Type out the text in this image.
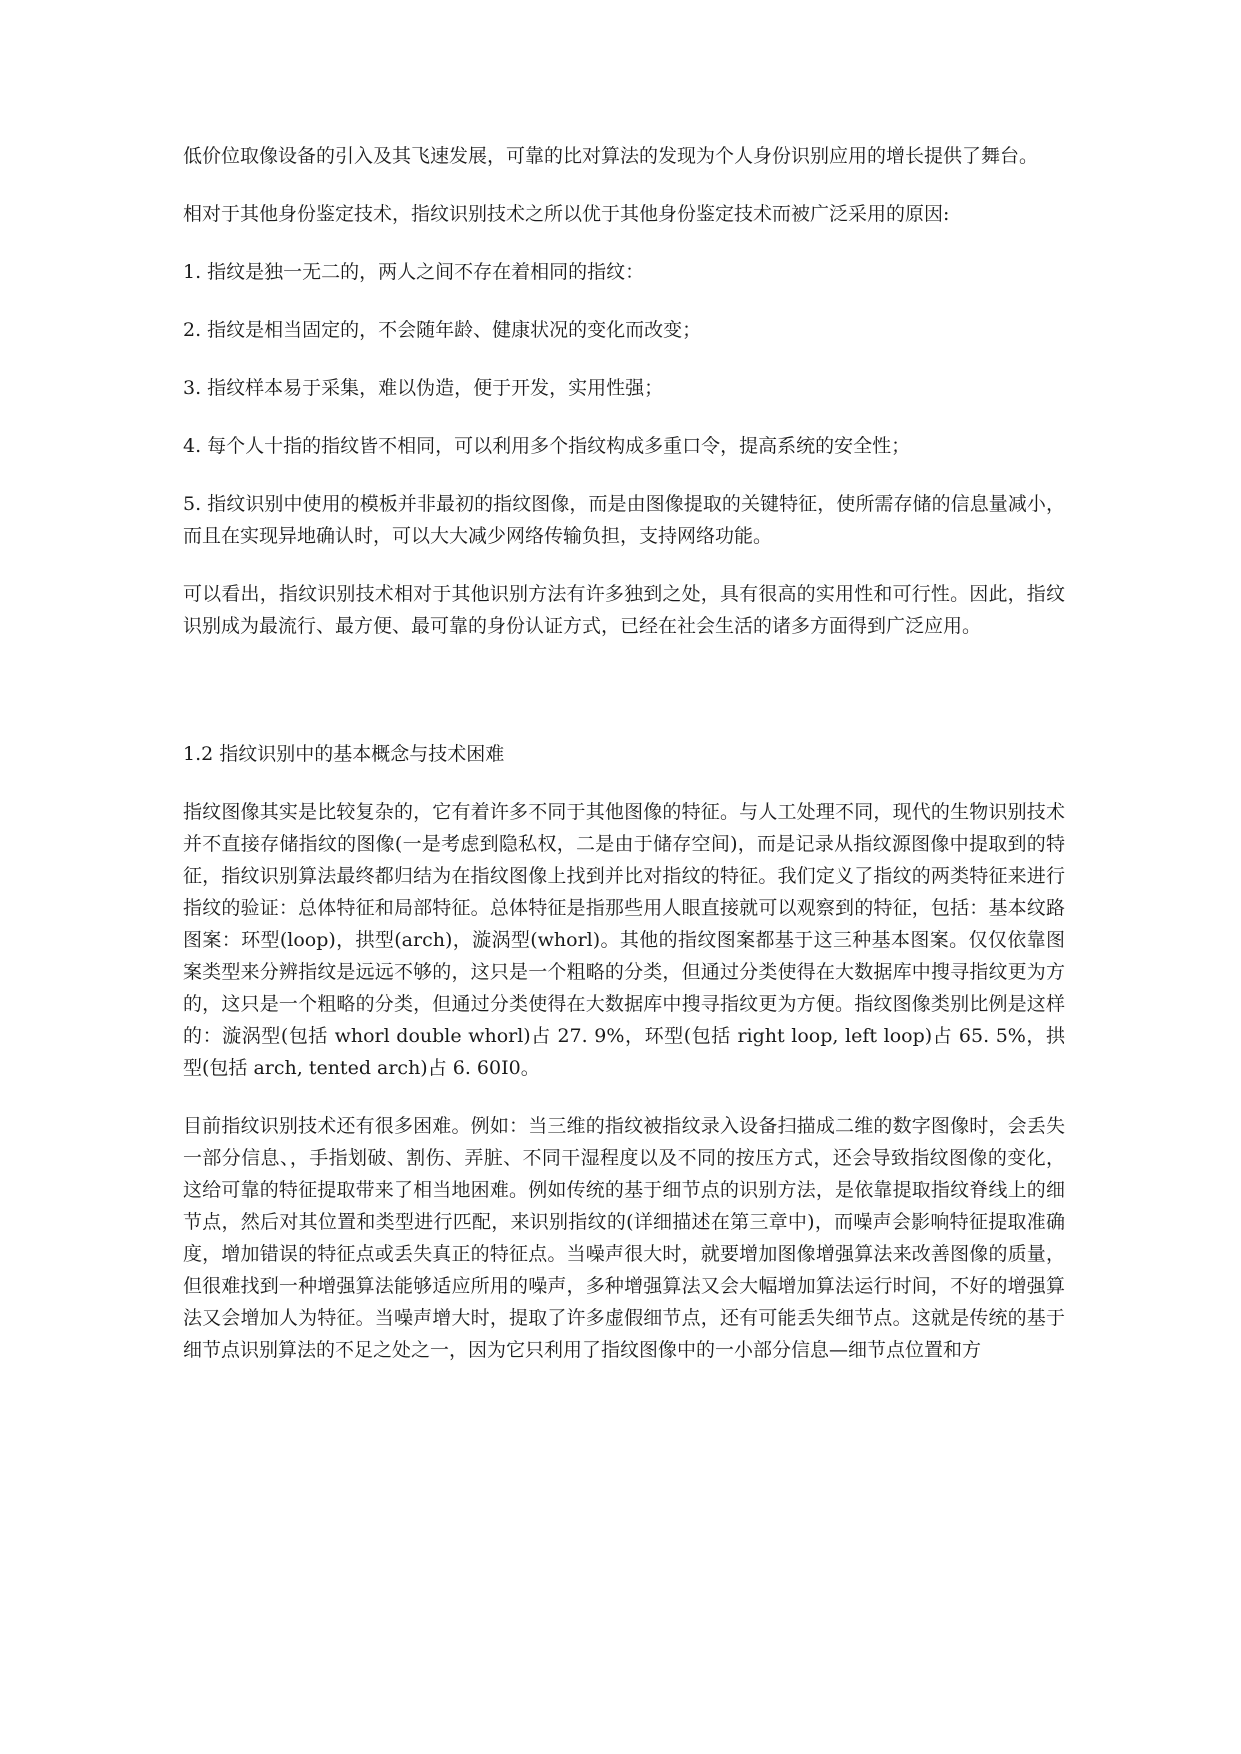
低价位取像设备的引入及其飞速发展，可靠的比对算法的发现为个人身份识别应用的增长提供了舞台。

相对于其他身份鉴定技术，指纹识别技术之所以优于其他身份鉴定技术而被广泛采用的原因:

1. 指纹是独一无二的，两人之间不存在着相同的指纹：

2. 指纹是相当固定的，不会随年龄、健康状况的变化而改变；

3. 指纹样本易于采集，难以伪造，便于开发，实用性强；

4. 每个人十指的指纹皆不相同，可以利用多个指纹构成多重口令，提高系统的安全性；

5. 指纹识别中使用的模板并非最初的指纹图像，而是由图像提取的关键特征，使所需存储的信息量减小，而且在实现异地确认时，可以大大减少网络传输负担，支持网络功能。

可以看出，指纹识别技术相对于其他识别方法有许多独到之处，具有很高的实用性和可行性。因此，指纹识别成为最流行、最方便、最可靠的身份认证方式，已经在社会生活的诸多方面得到广泛应用。

1.2 指纹识别中的基本概念与技术困难

指纹图像其实是比较复杂的，它有着许多不同于其他图像的特征。与人工处理不同，现代的生物识别技术并不直接存储指纹的图像(一是考虑到隐私权，二是由于储存空间)，而是记录从指纹源图像中提取到的特征，指纹识别算法最终都归结为在指纹图像上找到并比对指纹的特征。我们定义了指纹的两类特征来进行指纹的验证：总体特征和局部特征。总体特征是指那些用人眼直接就可以观察到的特征，包括：基本纹路图案：环型(loop)，拱型(arch)，漩涡型(whorl)。其他的指纹图案都基于这三种基本图案。仅仅依靠图案类型来分辨指纹是远远不够的，这只是一个粗略的分类，但通过分类使得在大数据库中搜寻指纹更为方的，这只是一个粗略的分类，但通过分类使得在大数据库中搜寻指纹更为方便。指纹图像类别比例是这样的：漩涡型(包括 whorl double whorl)占 27. 9%，环型(包括 right loop, left loop)占 65. 5%，拱型(包括 arch, tented arch)占 6. 60I0。

目前指纹识别技术还有很多困难。例如：当三维的指纹被指纹录入设备扫描成二维的数字图像时，会丢失一部分信息、，手指划破、割伤、弄脏、不同干湿程度以及不同的按压方式，还会导致指纹图像的变化，这给可靠的特征提取带来了相当地困难。例如传统的基于细节点的识别方法，是依靠提取指纹脊线上的细节点，然后对其位置和类型进行匹配，来识别指纹的(详细描述在第三章中)，而噪声会影响特征提取准确度，增加错误的特征点或丢失真正的特征点。当噪声很大时，就要增加图像增强算法来改善图像的质量，但很难找到一种增强算法能够适应所用的噪声，多种增强算法又会大幅增加算法运行时间，不好的增强算法又会增加人为特征。当噪声增大时，提取了许多虚假细节点，还有可能丢失细节点。这就是传统的基于细节点识别算法的不足之处之一，因为它只利用了指纹图像中的一小部分信息—细节点位置和方
